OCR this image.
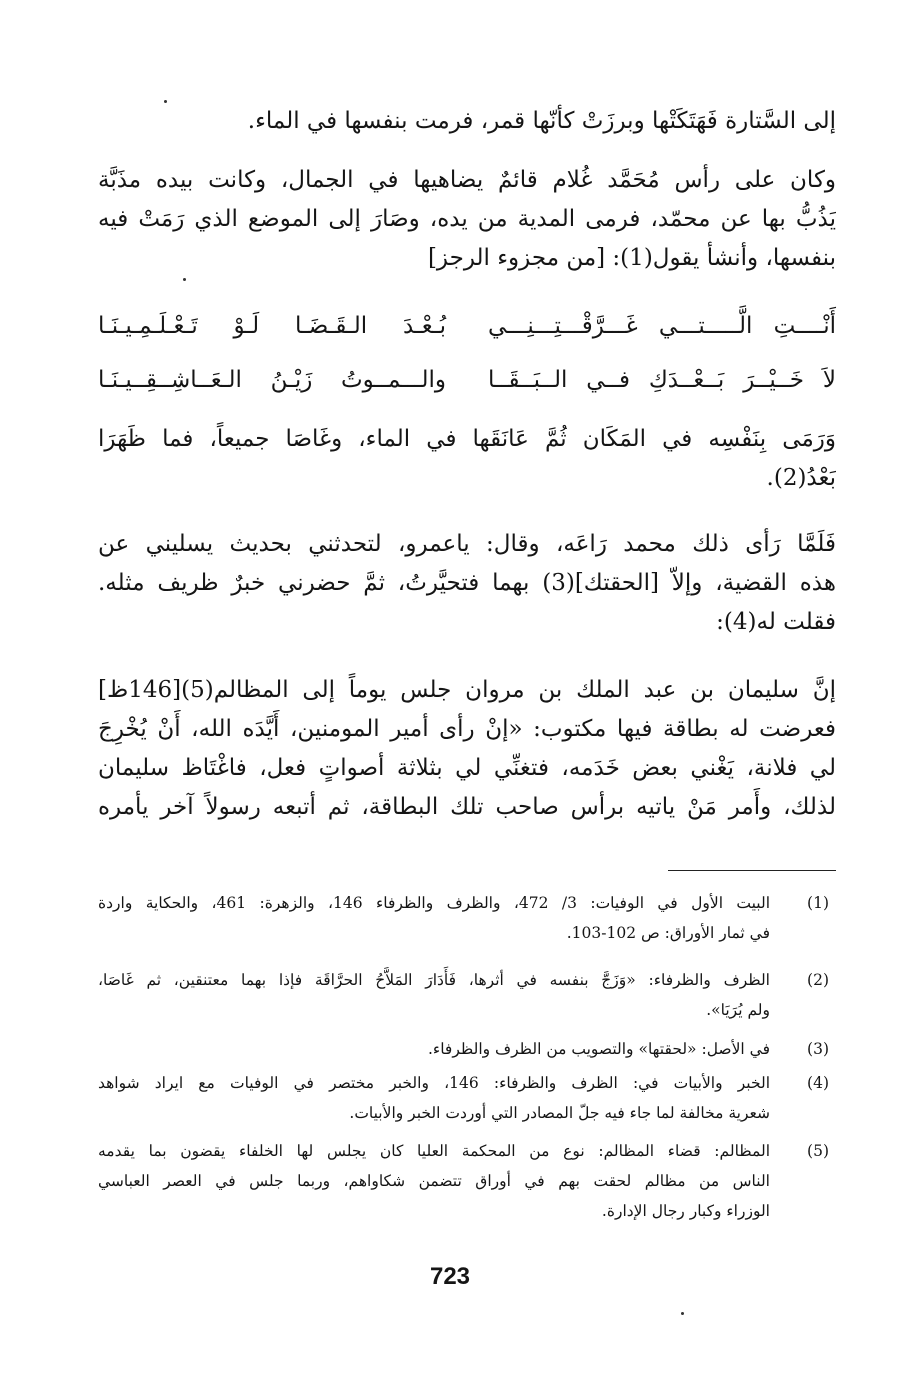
إلى السَّتارة فَهَتَكَتْها وبرزَتْ كأنّها قمر، فرمت بنفسها في الماء.
وكان على رأس مُحَمَّد غُلام قائمٌ يضاهيها في الجمال، وكانت بيده مذَبَّة
يَذُبُّ بها عن محمّد، فرمى المدية من يده، وصَارَ إلى الموضع الذي رَمَتْ فيه
بنفسها، وأنشأ يقول(1): [من مجزوء الرجز]
أَنْــــتِ الَّـــــتـــي غَـــرَّقْـــتِـــنِـــي
بُـعْـدَ الـقَـضَـا لَـوْ تَـعْـلَـمِـيـنَـا
لاَ خَــيْــرَ بَــعْــدَكِ فــي الــبَــقَــا
والـــمــوتُ زَيْـنُ الـعَــاشِــقِــيـنَـا
وَرَمَى بِنَفْسِه في المَكَان ثُمَّ عَانَقَها في الماء، وغَاصَا جميعاً، فما ظَهَرَا
بَعْدُ(2).
فَلَمَّا رَأى ذلك محمد رَاعَه، وقال: ياعمرو، لتحدثني بحديث يسليني عن
هذه القضية، وإلاّ [الحقتك](3) بهما فتحيَّرتُ، ثمَّ حضرني خبرٌ ظريف مثله.
فقلت له(4):
إنَّ سليمان بن عبد الملك بن مروان جلس يوماً إلى المظالم(5)[146ظ]
فعرضت له بطاقة فيها مكتوب: «إنْ رأى أمير المومنين، أَيَّدَه الله، أَنْ يُخْرِجَ
لي فلانة، يَغْني بعض خَدَمه، فتغنِّي لي بثلاثة أصواتٍ فعل، فاغْتَاظ سليمان
لذلك، وأَمر مَنْ ياتيه برأس صاحب تلك البطاقة، ثم أتبعه رسولاً آخر يأمره
(1)
البيت الأول في الوفيات: 3/ 472، والظرف والظرفاء 146، والزهرة: 461، والحكاية واردة
في ثمار الأوراق: ص 102-103.
(2)
الظرف والظرفاء: «وَزَجَّ بنفسه في أثرها، فَأَدَارَ المَلاَّحُ الحرَّاقَة فإذا بهما معتنقين، ثم غَاصَا،
ولم يُرَيَا».
(3)
في الأصل: «لحقتها» والتصويب من الظرف والظرفاء.
(4)
الخبر والأبيات في: الظرف والظرفاء: 146، والخبر مختصر في الوفيات مع ايراد شواهد
شعرية مخالفة لما جاء فيه جلّ المصادر التي أوردت الخبر والأبيات.
(5)
المظالم: قضاء المظالم: نوع من المحكمة العليا كان يجلس لها الخلفاء يقضون بما يقدمه
الناس من مظالم لحقت بهم في أوراق تتضمن شكاواهم، وربما جلس في العصر العباسي
الوزراء وكبار رجال الإدارة.
723
